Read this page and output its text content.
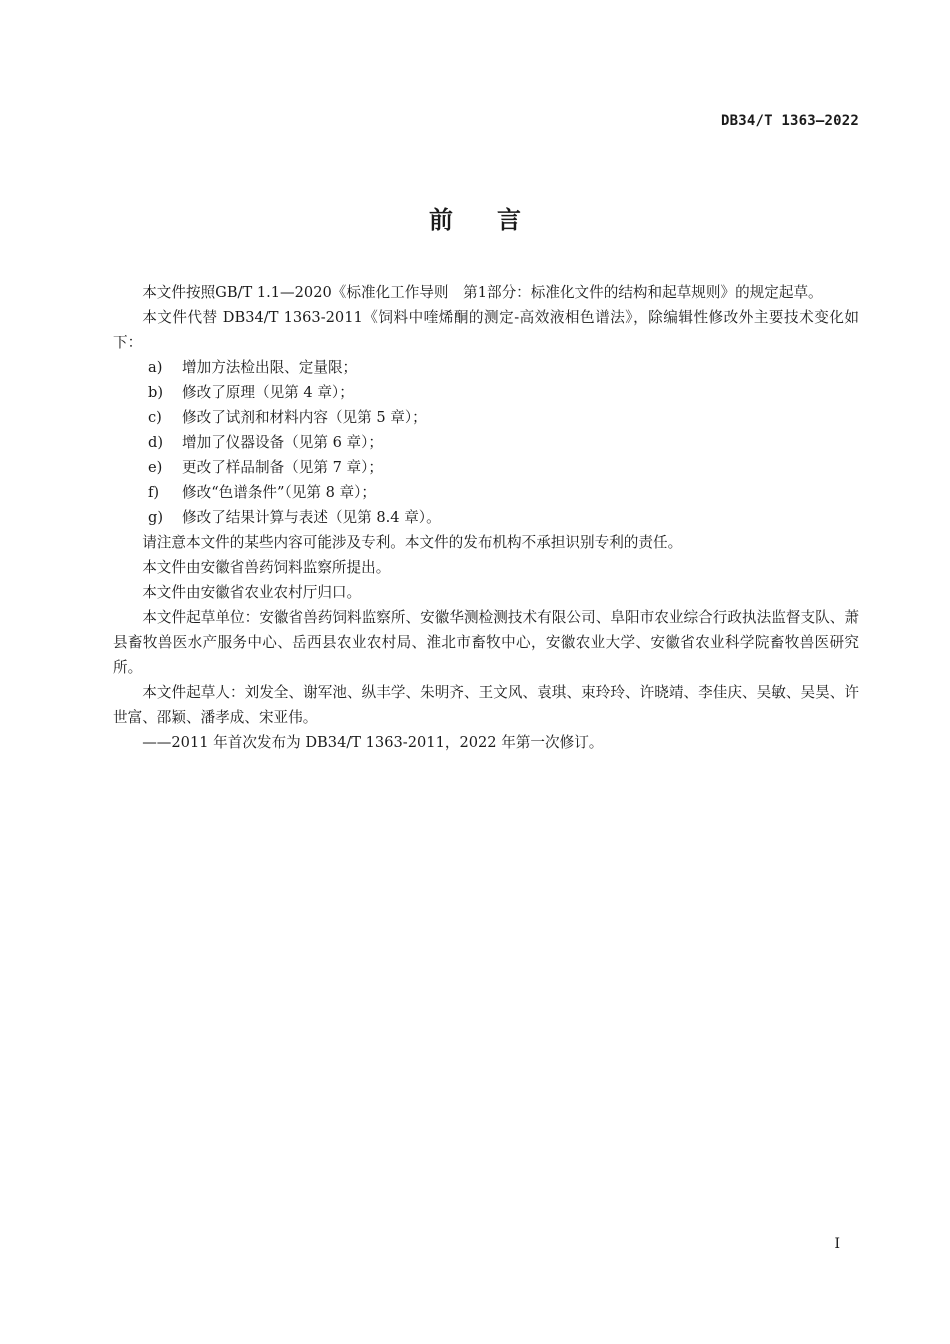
DB34/T 1363—2022
前言

本文件按照GB/T 1.1—2020《标准化工作导则　第1部分：标准化文件的结构和起草规则》的规定起草。

本文件代替 DB34/T 1363-2011《饲料中喹烯酮的测定-高效液相色谱法》，除编辑性修改外主要技术变化如下：

a)	增加方法检出限、定量限；
b)	修改了原理（见第 4 章）；
c)	修改了试剂和材料内容（见第 5 章）；
d)	增加了仪器设备（见第 6 章）；
e)	更改了样品制备（见第 7 章）；
f)	修改“色谱条件”（见第 8 章）；
g)	修改了结果计算与表述（见第 8.4 章）。

请注意本文件的某些内容可能涉及专利。本文件的发布机构不承担识别专利的责任。

本文件由安徽省兽药饲料监察所提出。

本文件由安徽省农业农村厅归口。

本文件起草单位：安徽省兽药饲料监察所、安徽华测检测技术有限公司、阜阳市农业综合行政执法监督支队、萧县畜牧兽医水产服务中心、岳西县农业农村局、淮北市畜牧中心，安徽农业大学、安徽省农业科学院畜牧兽医研究所。

本文件起草人：刘发全、谢军池、纵丰学、朱明齐、王文风、袁琪、束玲玲、许晓靖、李佳庆、吴敏、吴昊、许世富、邵颖、潘孝成、宋亚伟。

——2011 年首次发布为 DB34/T 1363-2011，2022 年第一次修订。

I
